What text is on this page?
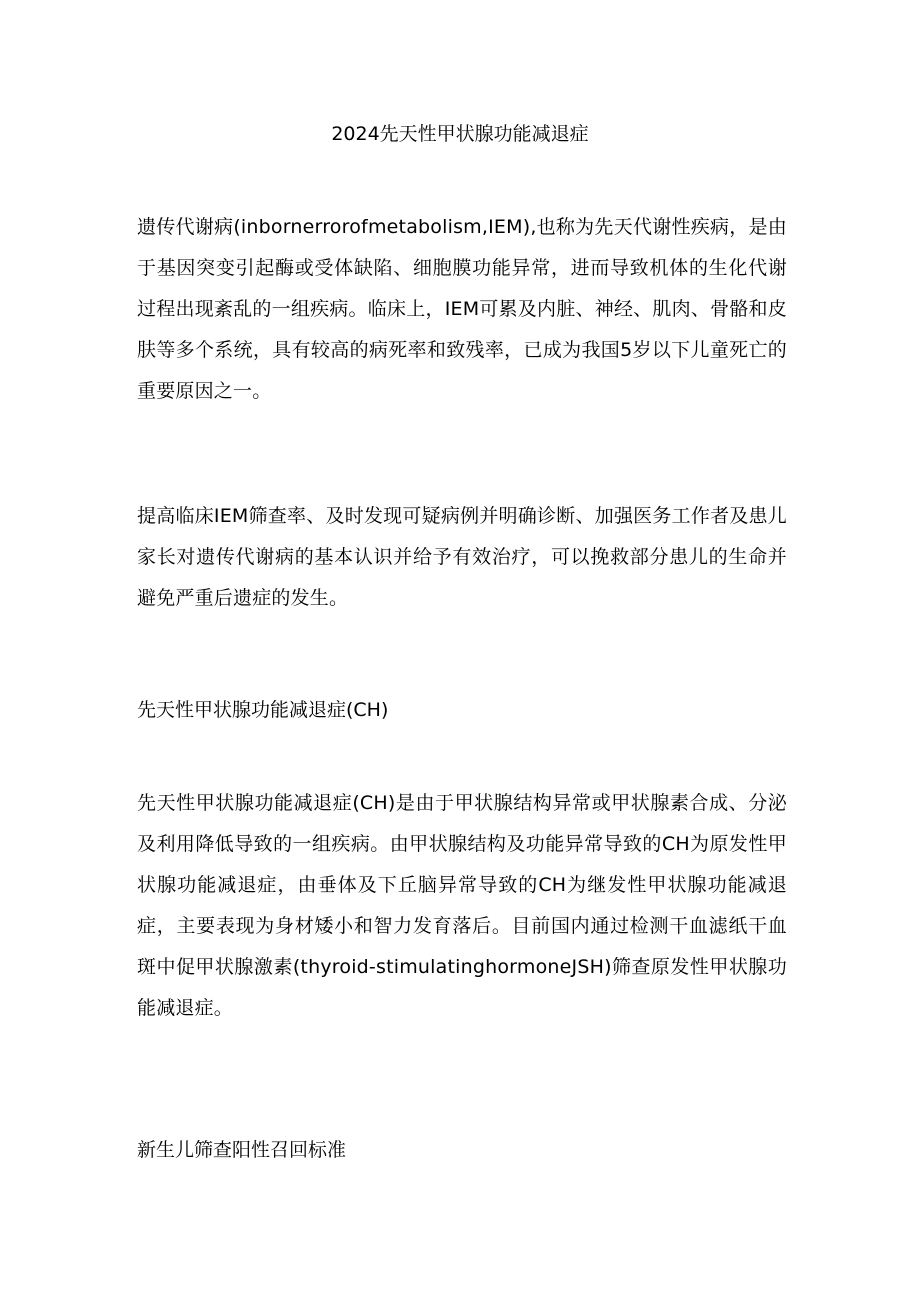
2024先天性甲状腺功能减退症

遗传代谢病(inbornerrorofmetabolism,IEM),也称为先天代谢性疾病，是由于基因突变引起酶或受体缺陷、细胞膜功能异常，进而导致机体的生化代谢过程出现紊乱的一组疾病。临床上，IEM可累及内脏、神经、肌肉、骨骼和皮肤等多个系统，具有较高的病死率和致残率，已成为我国5岁以下儿童死亡的重要原因之一。

提高临床IEM筛查率、及时发现可疑病例并明确诊断、加强医务工作者及患儿家长对遗传代谢病的基本认识并给予有效治疗，可以挽救部分患儿的生命并避免严重后遗症的发生。

先天性甲状腺功能减退症(CH)

先天性甲状腺功能减退症(CH)是由于甲状腺结构异常或甲状腺素合成、分泌及利用降低导致的一组疾病。由甲状腺结构及功能异常导致的CH为原发性甲状腺功能减退症，由垂体及下丘脑异常导致的CH为继发性甲状腺功能减退症，主要表现为身材矮小和智力发育落后。目前国内通过检测干血滤纸干血斑中促甲状腺激素(thyroid-stimulatinghormoneJSH)筛查原发性甲状腺功能减退症。

新生儿筛查阳性召回标准
